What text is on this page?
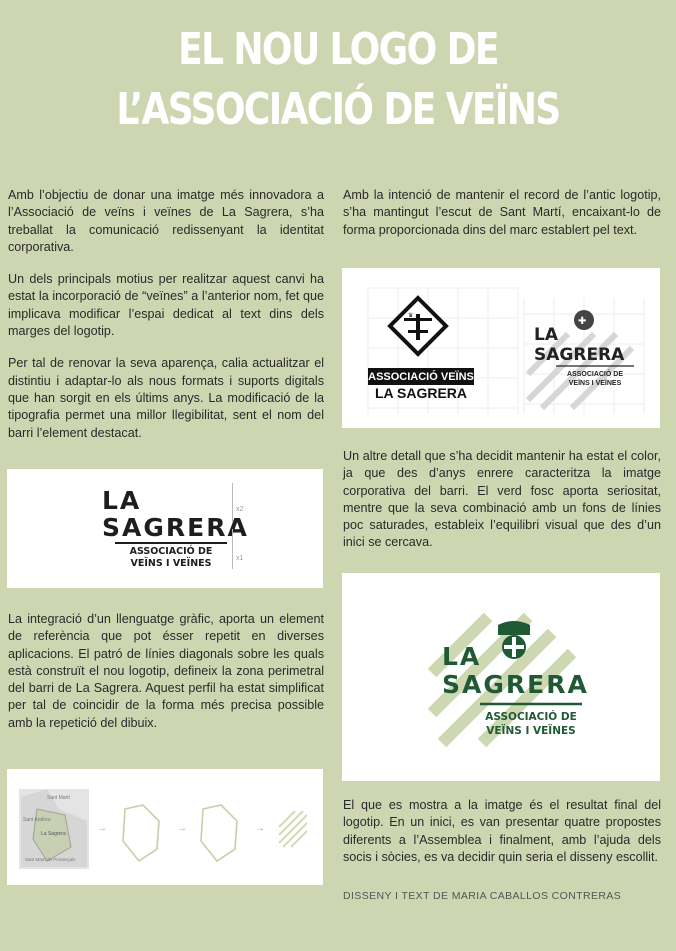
EL NOU LOGO DE
L’ASSOCIACIÓ DE VEÏNS

Amb l’objectiu de donar una imatge més innovadora a l’Associació de veïns i veïnes de La Sagrera, s’ha treballat la comunicació redissenyant la identitat corporativa.

Un dels principals motius per realitzar aquest canvi ha estat la incorporació de “veïnes” a l’anterior nom, fet que implicava modificar l’espai dedicat al text dins dels marges del logotip.

Per tal de renovar la seva aparença, calia actualitzar el distintiu i adaptar-lo als nous formats i suports digitals que han sorgit en els últims anys. La modificació de la tipografia permet una millor llegibilitat, sent el nom del barri l’element destacat.

LA
SAGRERA
ASSOCIACIÓ DE
VEÏNS I VEÏNES
x2
x1

La integració d’un llenguatge gràfic, aporta un element de referència que pot ésser repetit en diverses aplicacions. El patró de línies diagonals sobre les quals està construït el nou logotip, defineix la zona perimetral del barri de La Sagrera. Aquest perfil ha estat simplificat per tal de coincidir de la forma més precisa possible amb la repetició del dibuix.

Sant Martí
Sant Andreu
La Sagrera
Sant Martí de Provençals
→	→	→

Amb la intenció de mantenir el record de l’antic logotip, s’ha mantingut l’escut de Sant Martí, encaixant-lo de forma proporcionada dins del marc establert pel text.

♛
ASSOCIACIÓ VEÏNS
LA SAGRERA
✚
LA
SAGRERA
ASSOCIACIÓ DE
VEÏNS I VEÏNES

Un altre detall que s’ha decidit mantenir ha estat el color, ja que des d’anys enrere caracteritza la imatge corporativa del barri. El verd fosc aporta seriositat, mentre que la seva combinació amb un fons de línies poc saturades, estableix l’equilibri visual que des d’un inici se cercava.

LA
SAGRERA
ASSOCIACIÓ DE
VEÏNS I VEÏNES

El que es mostra a la imatge és el resultat final del logotip. En un inici, es van presentar quatre propostes diferents a l’Assemblea i finalment, amb l’ajuda dels socis i sòcies, es va decidir quin seria el disseny escollit.

DISSENY I TEXT DE MARIA CABALLOS CONTRERAS
